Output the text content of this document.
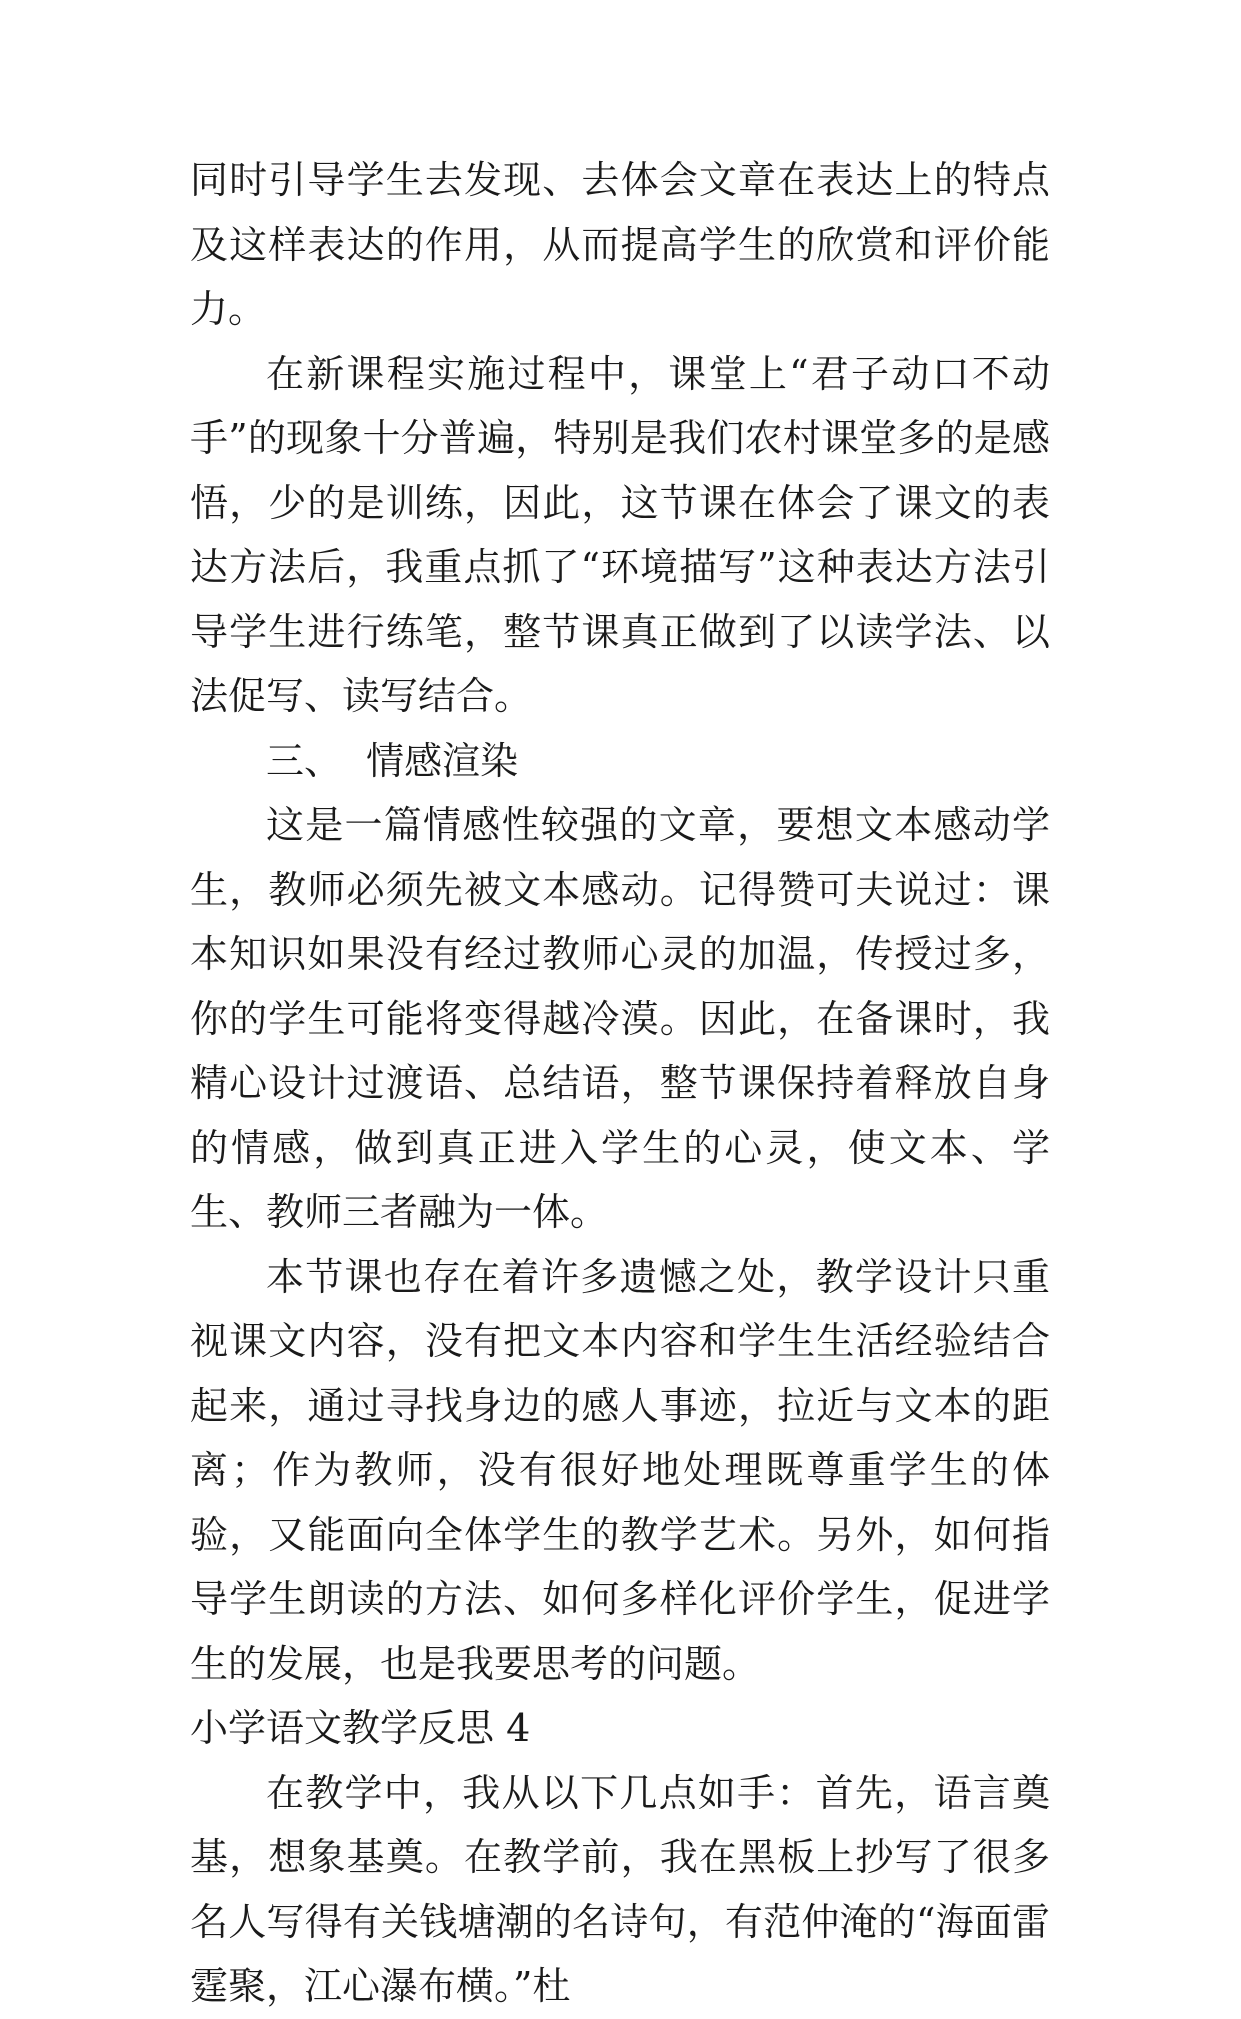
同时引导学生去发现、去体会文章在表达上的特点及这样表达的作用，从而提高学生的欣赏和评价能力。

在新课程实施过程中，课堂上“君子动口不动手”的现象十分普遍，特别是我们农村课堂多的是感悟，少的是训练，因此，这节课在体会了课文的表达方法后，我重点抓了“环境描写”这种表达方法引导学生进行练笔，整节课真正做到了以读学法、以法促写、读写结合。

三、  情感渲染

这是一篇情感性较强的文章，要想文本感动学生，教师必须先被文本感动。记得赞可夫说过：课本知识如果没有经过教师心灵的加温，传授过多，你的学生可能将变得越冷漠。因此，在备课时，我精心设计过渡语、总结语，整节课保持着释放自身的情感，做到真正进入学生的心灵，使文本、学生、教师三者融为一体。

本节课也存在着许多遗憾之处，教学设计只重视课文内容，没有把文本内容和学生生活经验结合起来，通过寻找身边的感人事迹，拉近与文本的距离；作为教师，没有很好地处理既尊重学生的体验，又能面向全体学生的教学艺术。另外，如何指导学生朗读的方法、如何多样化评价学生，促进学生的发展，也是我要思考的问题。

小学语文教学反思 4

在教学中，我从以下几点如手：首先，语言奠基，想象基奠。在教学前，我在黑板上抄写了很多名人写得有关钱塘潮的名诗句，有范仲淹的“海面雷霆聚，江心瀑布横。”杜
